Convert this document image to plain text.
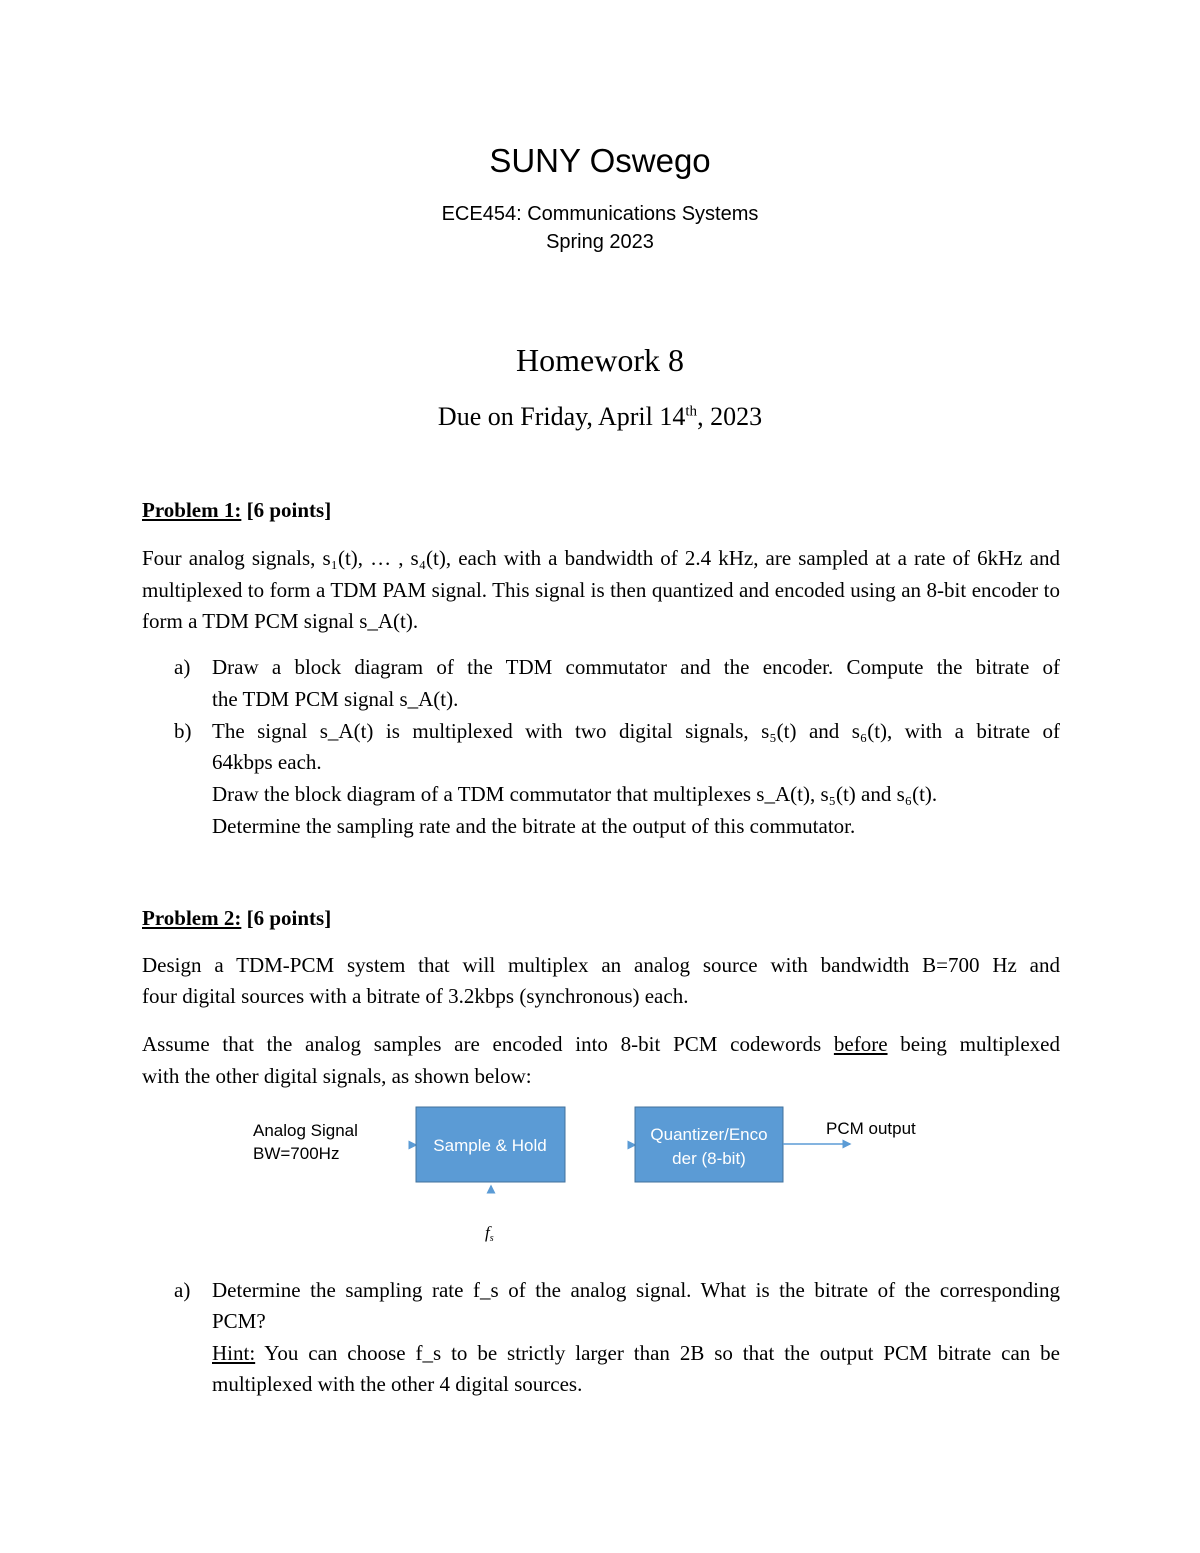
SUNY Oswego
ECE454: Communications Systems
Spring 2023
Homework 8
Due on Friday, April 14th, 2023
Problem 1: [6 points]
Four analog signals, s₁(t), … , s₄(t), each with a bandwidth of 2.4 kHz, are sampled at a rate of 6kHz and multiplexed to form a TDM PAM signal. This signal is then quantized and encoded using an 8-bit encoder to form a TDM PCM signal s_A(t).
a) Draw a block diagram of the TDM commutator and the encoder. Compute the bitrate of
the TDM PCM signal s_A(t).
b) The signal s_A(t) is multiplexed with two digital signals, s₅(t) and s₆(t), with a bitrate of
64kbps each.
Draw the block diagram of a TDM commutator that multiplexes s_A(t), s₅(t) and s₆(t).
Determine the sampling rate and the bitrate at the output of this commutator.
Problem 2: [6 points]
Design a TDM-PCM system that will multiplex an analog source with bandwidth B=700 Hz and
four digital sources with a bitrate of 3.2kbps (synchronous) each.
Assume that the analog samples are encoded into 8-bit PCM codewords before being multiplexed
with the other digital signals, as shown below:
Analog Signal
BW=700Hz	Sample & Hold
Quantizer/Enco
der (8-bit)
PCM output
fs
a) Determine the sampling rate f_s of the analog signal. What is the bitrate of the corresponding
PCM?
Hint: You can choose f_s to be strictly larger than 2B so that the output PCM bitrate can be
multiplexed with the other 4 digital sources.
